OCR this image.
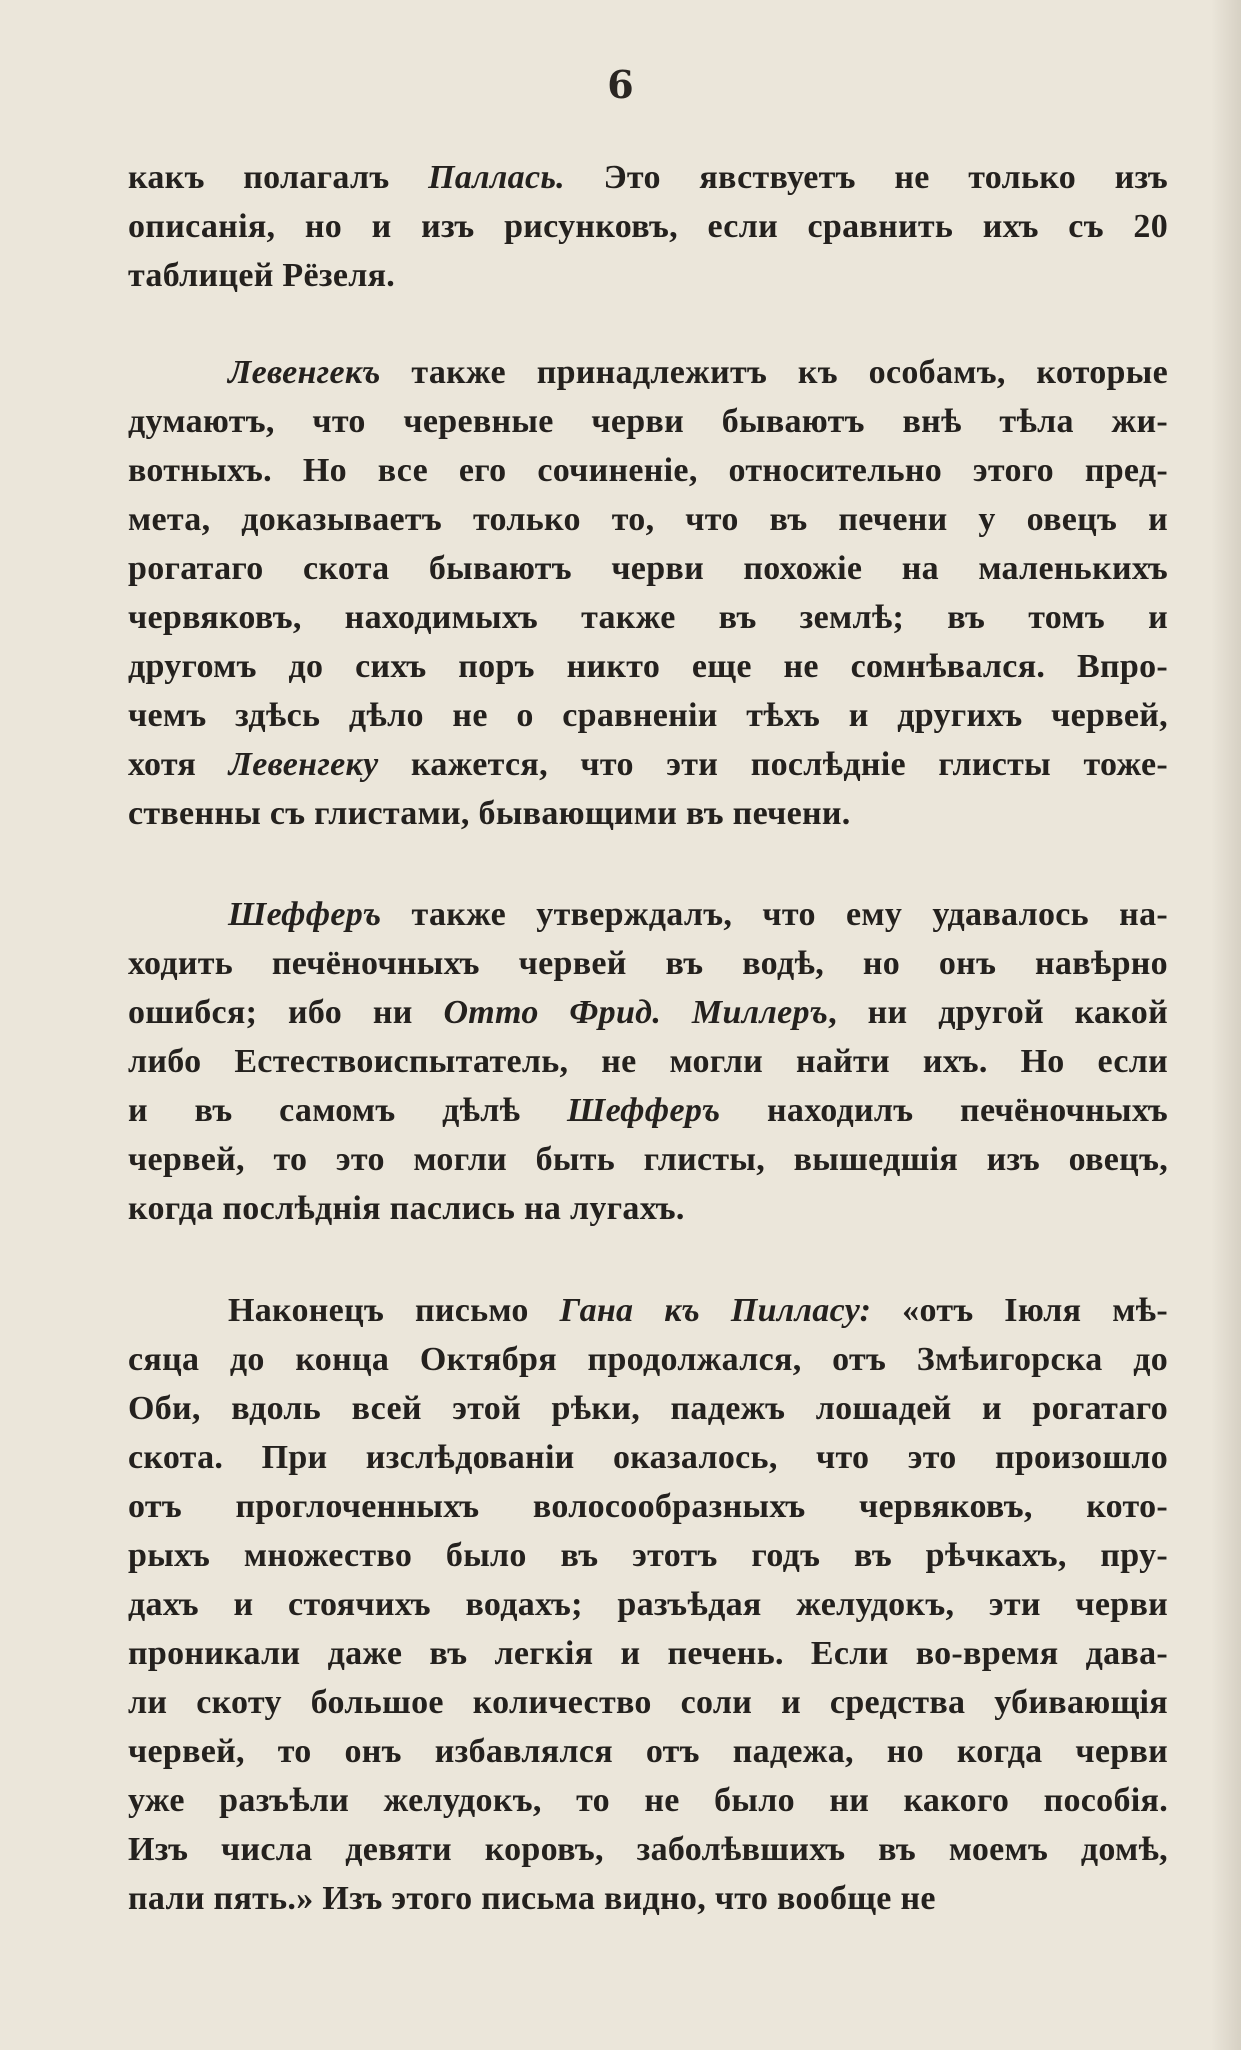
6
какъ полагалъ Паллась. Это явствуетъ не только изъ
описанія, но и изъ рисунковъ, если сравнить ихъ съ 20
таблицей Рёзеля.
Левенгекъ также принадлежитъ къ особамъ, которые
думаютъ, что черевные черви бываютъ внѣ тѣла жи-
вотныхъ. Но все его сочиненіе, относительно этого пред-
мета, доказываетъ только то, что въ печени у овецъ и
рогатаго скота бываютъ черви похожіе на маленькихъ
червяковъ, находимыхъ также въ землѣ; въ томъ и
другомъ до сихъ поръ никто еще не сомнѣвался. Впро-
чемъ здѣсь дѣло не о сравненіи тѣхъ и другихъ червей,
хотя Левенгеку кажется, что эти послѣдніе глисты тоже-
ственны съ глистами, бывающими въ печени.
Шефферъ также утверждалъ, что ему удавалось на-
ходить печёночныхъ червей въ водѣ, но онъ навѣрно
ошибся; ибо ни Отто Фрид. Миллеръ, ни другой какой
либо Естествоиспытатель, не могли найти ихъ. Но если
и въ самомъ дѣлѣ Шефферъ находилъ печёночныхъ
червей, то это могли быть глисты, вышедшія изъ овецъ,
когда послѣднія паслись на лугахъ.
Наконецъ письмо Гана къ Пилласу: «отъ Іюля мѣ-
сяца до конца Октября продолжался, отъ Змѣигорска до
Оби, вдоль всей этой рѣки, падежъ лошадей и рогатаго
скота. При изслѣдованіи оказалось, что это произошло
отъ проглоченныхъ волосообразныхъ червяковъ, кото-
рыхъ множество было въ этотъ годъ въ рѣчкахъ, пру-
дахъ и стоячихъ водахъ; разъѣдая желудокъ, эти черви
проникали даже въ легкія и печень. Если во-время дава-
ли скоту большое количество соли и средства убивающія
червей, то онъ избавлялся отъ падежа, но когда черви
уже разъѣли желудокъ, то не было ни какого пособія.
Изъ числа девяти коровъ, заболѣвшихъ въ моемъ домѣ,
пали пять.» Изъ этого письма видно, что вообще не
